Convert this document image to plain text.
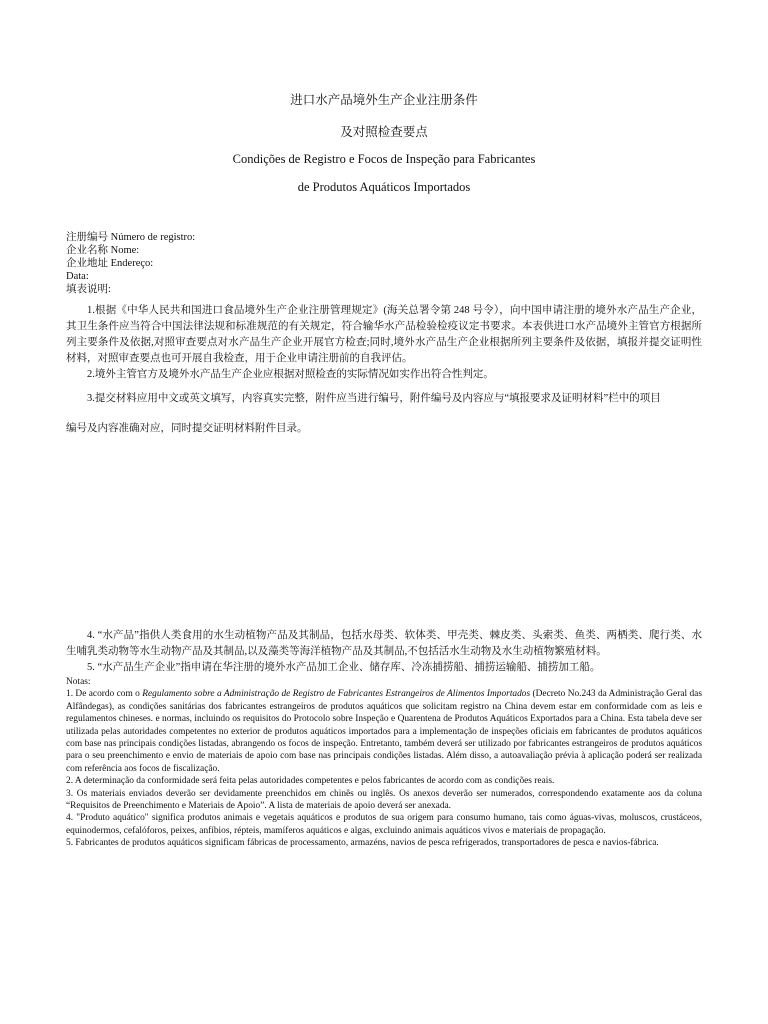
进口水产品境外生产企业注册条件
及对照检查要点
Condições de Registro e Focos de Inspeção para Fabricantes
de Produtos Aquáticos Importados
注册编号 Número de registro:
企业名称 Nome:
企业地址 Endereço:
Data:
填表说明:

1.根据《中华人民共和国进口食品境外生产企业注册管理规定》(海关总署令第 248 号令），向中国申请注册的境外水产品生产企业，其卫生条件应当符合中国法律法规和标准规范的有关规定，符合输华水产品检验检疫议定书要求。本表供进口水产品境外主管官方根据所列主要条件及依据,对照审查要点对水产品生产企业开展官方检查;同时,境外水产品生产企业根据所列主要条件及依据，填报并提交证明性材料，对照审查要点也可开展自我检查，用于企业申请注册前的自我评估。

2.境外主管官方及境外水产品生产企业应根据对照检查的实际情况如实作出符合性判定。

3.提交材料应用中文或英文填写，内容真实完整，附件应当进行编号，附件编号及内容应与“填报要求及证明材料”栏中的项目

编号及内容准确对应，同时提交证明材料附件目录。

4. “水产品”指供人类食用的水生动植物产品及其制品，包括水母类、软体类、甲壳类、棘皮类、头索类、鱼类、两栖类、爬行类、水生哺乳类动物等水生动物产品及其制品,以及藻类等海洋植物产品及其制品,不包括活水生动物及水生动植物繁殖材料。

5. “水产品生产企业”指申请在华注册的境外水产品加工企业、储存库、冷冻捕捞船、捕捞运输船、捕捞加工船。

Notas:

1. De acordo com o Regulamento sobre a Administração de Registro de Fabricantes Estrangeiros de Alimentos Importados (Decreto No.243 da Administração Geral das Alfândegas), as condições sanitárias dos fabricantes estrangeiros de produtos aquáticos que solicitam registro na China devem estar em conformidade com as leis e regulamentos chineses. e normas, incluindo os requisitos do Protocolo sobre Inspeção e Quarentena de Produtos Aquáticos Exportados para a China. Esta tabela deve ser utilizada pelas autoridades competentes no exterior de produtos aquáticos importados para a implementação de inspeções oficiais em fabricantes de produtos aquáticos com base nas principais condições listadas, abrangendo os focos de inspeção. Entretanto, também deverá ser utilizado por fabricantes estrangeiros de produtos aquáticos para o seu preenchimento e envio de materiais de apoio com base nas principais condições listadas. Além disso, a autoavaliação prévia à aplicação poderá ser realizada com referência aos focos de fiscalização.

2. A determinação da conformidade será feita pelas autoridades competentes e pelos fabricantes de acordo com as condições reais.

3. Os materiais enviados deverão ser devidamente preenchidos em chinês ou inglês. Os anexos deverão ser numerados, correspondendo exatamente aos da coluna “Requisitos de Preenchimento e Materiais de Apoio”. A lista de materiais de apoio deverá ser anexada.

4. "Produto aquático" significa produtos animais e vegetais aquáticos e produtos de sua origem para consumo humano, tais como águas-vivas, moluscos, crustáceos, equinodermos, cefalóforos, peixes, anfíbios, répteis, mamíferos aquáticos e algas, excluindo animais aquáticos vivos e materiais de propagação.

5. Fabricantes de produtos aquáticos significam fábricas de processamento, armazéns, navios de pesca refrigerados, transportadores de pesca e navios-fábrica.
